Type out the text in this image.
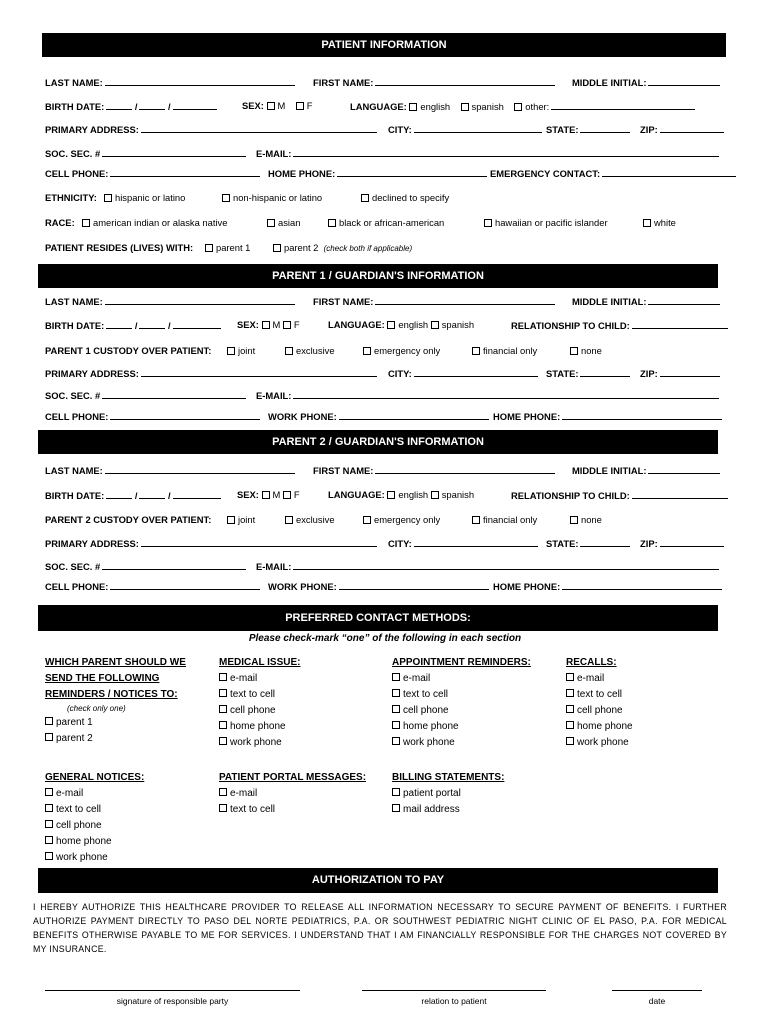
PATIENT INFORMATION
LAST NAME:	FIRST NAME:	MIDDLE INITIAL:
BIRTH DATE:	/	/	SEX: M F	LANGUAGE: english spanish other:
PRIMARY ADDRESS:	CITY:	STATE:	ZIP:
SOC. SEC. #	E-MAIL:
CELL PHONE:	HOME PHONE:	EMERGENCY CONTACT:
ETHNICITY:	hispanic or latino	non-hispanic or latino	declined to specify
RACE:	american indian or alaska native	asian	black or african-american	hawaiian or pacific islander	white
PATIENT RESIDES (LIVES) WITH:	parent 1	parent 2 (check both if applicable)
PARENT 1 / GUARDIAN'S INFORMATION
LAST NAME:	FIRST NAME:	MIDDLE INITIAL:
BIRTH DATE:	/	/	SEX: M F	LANGUAGE: english spanish	RELATIONSHIP TO CHILD:
PARENT 1 CUSTODY OVER PATIENT:	joint	exclusive	emergency only	financial only	none
PRIMARY ADDRESS:	CITY:	STATE:	ZIP:
SOC. SEC. #	E-MAIL:
CELL PHONE:	WORK PHONE:	HOME PHONE:
PARENT 2 / GUARDIAN'S INFORMATION
LAST NAME:	FIRST NAME:	MIDDLE INITIAL:
BIRTH DATE:	/	/	SEX: M F	LANGUAGE: english spanish	RELATIONSHIP TO CHILD:
PARENT 2 CUSTODY OVER PATIENT:	joint	exclusive	emergency only	financial only	none
PRIMARY ADDRESS:	CITY:	STATE:	ZIP:
SOC. SEC. #	E-MAIL:
CELL PHONE:	WORK PHONE:	HOME PHONE:
PREFERRED CONTACT METHODS:
Please check-mark “one” of the following in each section
WHICH PARENT SHOULD WE
SEND THE FOLLOWING
REMINDERS / NOTICES TO:
(check only one)
parent 1
parent 2
MEDICAL ISSUE:
e-mail
text to cell
cell phone
home phone
work phone
APPOINTMENT REMINDERS:
e-mail
text to cell
cell phone
home phone
work phone
RECALLS:
e-mail
text to cell
cell phone
home phone
work phone
GENERAL NOTICES:
e-mail
text to cell
cell phone
home phone
work phone
PATIENT PORTAL MESSAGES:
e-mail
text to cell
BILLING STATEMENTS:
patient portal
mail address
AUTHORIZATION TO PAY
I HEREBY AUTHORIZE THIS HEALTHCARE PROVIDER TO RELEASE ALL INFORMATION NECESSARY TO SECURE PAYMENT OF BENEFITS. I FURTHER AUTHORIZE PAYMENT DIRECTLY TO PASO DEL NORTE PEDIATRICS, P.A. OR SOUTHWEST PEDIATRIC NIGHT CLINIC OF EL PASO, P.A. FOR MEDICAL BENEFITS OTHERWISE PAYABLE TO ME FOR SERVICES. I UNDERSTAND THAT I AM FINANCIALLY RESPONSIBLE FOR THE CHARGES NOT COVERED BY MY INSURANCE.
signature of responsible party	relation to patient	date
